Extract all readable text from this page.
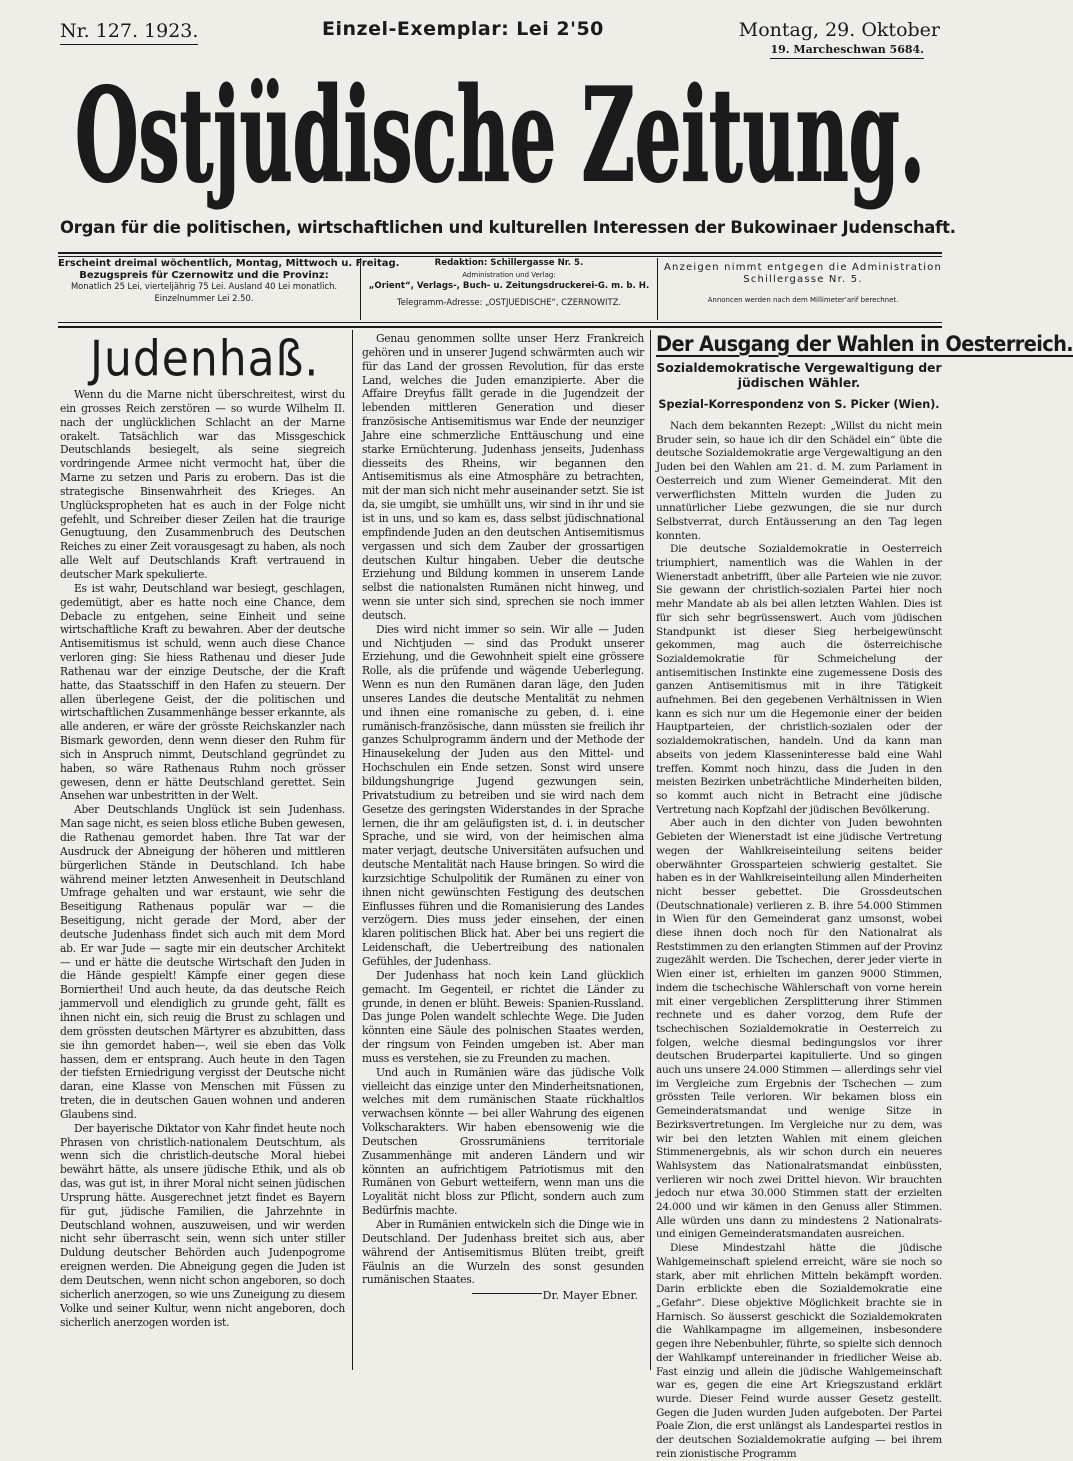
Nr. 127. 1923.	Einzel-Exemplar: Lei 2'50	Montag, 29. Oktober
19. Marcheschwan 5684.
Ostjüdische Zeitung.
Organ für die politischen, wirtschaftlichen und kulturellen Interessen der Bukowinaer Judenschaft.
Erscheint dreimal wöchentlich, Montag, Mittwoch u. Freitag.
Bezugspreis für Czernowitz und die Provinz:
Monatlich 25 Lei, vierteljährig 75 Lei. Ausland 40 Lei monatlich.
Einzelnummer Lei 2.50.
Redaktion: Schillergasse Nr. 5.
Administration und Verlag:
„Orient“, Verlags-, Buch- u. Zeitungsdruckerei-G. m. b. H.
Telegramm-Adresse: „OSTJUEDISCHE“, CZERNOWITZ.
Anzeigen nimmt entgegen die Administration
Schillergasse Nr. 5.
Annoncen werden nach dem Millimeter'arif berechnet.
Judenhaß.

Wenn du die Marne nicht überschreitest, wirst du ein grosses Reich zerstören — so wurde Wilhelm II. nach der unglücklichen Schlacht an der Marne orakelt. Tatsächlich war das Missgeschick Deutschlands besiegelt, als seine siegreich vordringende Armee nicht vermocht hat, über die Marne zu setzen und Paris zu erobern. Das ist die strategische Binsenwahrheit des Krieges. An Unglückspropheten hat es auch in der Folge nicht gefehlt, und Schreiber dieser Zeilen hat die traurige Genugtuung, den Zusammenbruch des Deutschen Reiches zu einer Zeit vorausgesagt zu haben, als noch alle Welt auf Deutschlands Kraft vertrauend in deutscher Mark spekulierte.

Es ist wahr, Deutschland war besiegt, geschlagen, gedemütigt, aber es hatte noch eine Chance, dem Debacle zu entgehen, seine Einheit und seine wirtschaftliche Kraft zu bewahren. Aber der deutsche Antisemitismus ist schuld, wenn auch diese Chance verloren ging: Sie hiess Rathenau und dieser Jude Rathenau war der einzige Deutsche, der die Kraft hatte, das Staatsschiff in den Hafen zu steuern. Der allen überlegene Geist, der die politischen und wirtschaftlichen Zusammenhänge besser erkannte, als alle anderen, er wäre der grösste Reichskanzler nach Bismark geworden, denn wenn dieser den Ruhm für sich in Anspruch nimmt, Deutschland gegründet zu haben, so wäre Rathenaus Ruhm noch grösser gewesen, denn er hätte Deutschland gerettet. Sein Ansehen war unbestritten in der Welt.

Aber Deutschlands Unglück ist sein Judenhass. Man sage nicht, es seien bloss etliche Buben gewesen, die Rathenau gemordet haben. Ihre Tat war der Ausdruck der Abneigung der höheren und mittleren bürgerlichen Stände in Deutschland. Ich habe während meiner letzten Anwesenheit in Deutschland Umfrage gehalten und war erstaunt, wie sehr die Beseitigung Rathenaus populär war — die Beseitigung, nicht gerade der Mord, aber der deutsche Judenhass findet sich auch mit dem Mord ab. Er war Jude — sagte mir ein deutscher Architekt — und er hätte die deutsche Wirtschaft den Juden in die Hände gespielt! Kämpfe einer gegen diese Bornierthei! Und auch heute, da das deutsche Reich jammervoll und elendiglich zu grunde geht, fällt es ihnen nicht ein, sich reuig die Brust zu schlagen und dem grössten deutschen Märtyrer es abzubitten, dass sie ihn gemordet haben—, weil sie eben das Volk hassen, dem er entsprang. Auch heute in den Tagen der tiefsten Erniedrigung vergisst der Deutsche nicht daran, eine Klasse von Menschen mit Füssen zu treten, die in deutschen Gauen wohnen und anderen Glaubens sind.

Der bayerische Diktator von Kahr findet heute noch Phrasen von christlich-nationalem Deutschtum, als wenn sich die christlich-deutsche Moral hiebei bewährt hätte, als unsere jüdische Ethik, und als ob das, was gut ist, in ihrer Moral nicht seinen jüdischen Ursprung hätte. Ausgerechnet jetzt findet es Bayern für gut, jüdische Familien, die Jahrzehnte in Deutschland wohnen, auszuweisen, und wir werden nicht sehr überrascht sein, wenn sich unter stiller Duldung deutscher Behörden auch Judenpogrome ereignen werden. Die Abneigung gegen die Juden ist dem Deutschen, wenn nicht schon angeboren, so doch sicherlich anerzogen, so wie uns Zuneigung zu diesem Volke und seiner Kultur, wenn nicht angeboren, doch sicherlich anerzogen worden ist.

Genau genommen sollte unser Herz Frankreich gehören und in unserer Jugend schwärmten auch wir für das Land der grossen Revolution, für das erste Land, welches die Juden emanzipierte. Aber die Affaire Dreyfus fällt gerade in die Jugendzeit der lebenden mittleren Generation und dieser französische Antisemitismus war Ende der neunziger Jahre eine schmerzliche Enttäuschung und eine starke Ernüchterung. Judenhass jenseits, Judenhass diesseits des Rheins, wir begannen den Antisemitismus als eine Atmosphäre zu betrachten, mit der man sich nicht mehr auseinander setzt. Sie ist da, sie umgibt, sie umhüllt uns, wir sind in ihr und sie ist in uns, und so kam es, dass selbst jüdischnational empfindende Juden an den deutschen Antisemitismus vergassen und sich dem Zauber der grossartigen deutschen Kultur hingaben. Ueber die deutsche Erziehung und Bildung kommen in unserem Lande selbst die nationalsten Rumänen nicht hinweg, und wenn sie unter sich sind, sprechen sie noch immer deutsch.

Dies wird nicht immer so sein. Wir alle — Juden und Nichtjuden — sind das Produkt unserer Erziehung, und die Gewohnheit spielt eine grössere Rolle, als die prüfende und wägende Ueberlegung. Wenn es nun den Rumänen daran läge, den Juden unseres Landes die deutsche Mentalität zu nehmen und ihnen eine romanische zu geben, d. i. eine rumänisch-französische, dann müssten sie freilich ihr ganzes Schulprogramm ändern und der Methode der Hinausekelung der Juden aus den Mittel- und Hochschulen ein Ende setzen. Sonst wird unsere bildungshungrige Jugend gezwungen sein, Privatstudium zu betreiben und sie wird nach dem Gesetze des geringsten Widerstandes in der Sprache lernen, die ihr am geläufigsten ist, d. i. in deutscher Sprache, und sie wird, von der heimischen alma mater verjagt, deutsche Universitäten aufsuchen und deutsche Mentalität nach Hause bringen. So wird die kurzsichtige Schulpolitik der Rumänen zu einer von ihnen nicht gewünschten Festigung des deutschen Einflusses führen und die Romanisierung des Landes verzögern. Dies muss jeder einsehen, der einen klaren politischen Blick hat. Aber bei uns regiert die Leidenschaft, die Uebertreibung des nationalen Gefühles, der Judenhass.

Der Judenhass hat noch kein Land glücklich gemacht. Im Gegenteil, er richtet die Länder zu grunde, in denen er blüht. Beweis: Spanien-Russland. Das junge Polen wandelt schlechte Wege. Die Juden könnten eine Säule des polnischen Staates werden, der ringsum von Feinden umgeben ist. Aber man muss es verstehen, sie zu Freunden zu machen.

Und auch in Rumänien wäre das jüdische Volk vielleicht das einzige unter den Minderheitsnationen, welches mit dem rumänischen Staate rückhaltlos verwachsen könnte — bei aller Wahrung des eigenen Volkscharakters. Wir haben ebensowenig wie die Deutschen Grossrumäniens territoriale Zusammenhänge mit anderen Ländern und wir könnten an aufrichtigem Patriotismus mit den Rumänen von Geburt wetteifern, wenn man uns die Loyalität nicht bloss zur Pflicht, sondern auch zum Bedürfnis machte.

Aber in Rumänien entwickeln sich die Dinge wie in Deutschland. Der Judenhass breitet sich aus, aber während der Antisemitismus Blüten treibt, greift Fäulnis an die Wurzeln des sonst gesunden rumänischen Staates.

Dr. Mayer Ebner.
Der Ausgang der Wahlen in Oesterreich.
Sozialdemokratische Vergewaltigung der jüdischen Wähler.
Spezial-Korrespondenz von S. Picker (Wien).

Nach dem bekannten Rezept: „Willst du nicht mein Bruder sein, so haue ich dir den Schädel ein“ übte die deutsche Sozialdemokratie arge Vergewaltigung an den Juden bei den Wahlen am 21. d. M. zum Parlament in Oesterreich und zum Wiener Gemeinderat. Mit den verwerflichsten Mitteln wurden die Juden zu unnatürlicher Liebe gezwungen, die sie nur durch Selbstverrat, durch Entäusserung an den Tag legen konnten.

Die deutsche Sozialdemokratie in Oesterreich triumphiert, namentlich was die Wahlen in der Wienerstadt anbetrifft, über alle Parteien wie nie zuvor. Sie gewann der christlich-sozialen Partei hier noch mehr Mandate ab als bei allen letzten Wahlen. Dies ist für sich sehr begrüssenswert. Auch vom jüdischen Standpunkt ist dieser Sieg herbeigewünscht gekommen, mag auch die österreichische Sozialdemokratie für Schmeichelung der antisemitischen Instinkte eine zugemessene Dosis des ganzen Antisemitismus mit in ihre Tätigkeit aufnehmen. Bei den gegebenen Verhältnissen in Wien kann es sich nur um die Hegemonie einer der beiden Hauptparteien, der christlich-sozialen oder der sozialdemokratischen, handeln. Und da kann man abseits von jedem Klasseninteresse bald eine Wahl treffen. Kommt noch hinzu, dass die Juden in den meisten Bezirken unbeträchtliche Minderheiten bilden, so kommt auch nicht in Betracht eine jüdische Vertretung nach Kopfzahl der jüdischen Bevölkerung.

Aber auch in den dichter von Juden bewohnten Gebieten der Wienerstadt ist eine jüdische Vertretung wegen der Wahlkreiseinteilung seitens beider oberwähnter Grossparteien schwierig gestaltet. Sie haben es in der Wahlkreiseinteilung allen Minderheiten nicht besser gebettet. Die Grossdeutschen (Deutschnationale) verlieren z. B. ihre 54.000 Stimmen in Wien für den Gemeinderat ganz umsonst, wobei diese ihnen doch noch für den Nationalrat als Reststimmen zu den erlangten Stimmen auf der Provinz zugezählt werden. Die Tschechen, derer jeder vierte in Wien einer ist, erhielten im ganzen 9000 Stimmen, indem die tschechische Wählerschaft von vorne herein mit einer vergeblichen Zersplitterung ihrer Stimmen rechnete und es daher vorzog, dem Rufe der tschechischen Sozialdemokratie in Oesterreich zu folgen, welche diesmal bedingungslos vor ihrer deutschen Bruderpartei kapitulierte. Und so gingen auch uns unsere 24.000 Stimmen — allerdings sehr viel im Vergleiche zum Ergebnis der Tschechen — zum grössten Teile verloren. Wir bekamen bloss ein Gemeinderatsmandat und wenige Sitze in Bezirksvertretungen. Im Vergleiche nur zu dem, was wir bei den letzten Wahlen mit einem gleichen Stimmenergebnis, als wir schon durch ein neueres Wahlsystem das Nationalratsmandat einbüssten, verlieren wir noch zwei Drittel hievon. Wir brauchten jedoch nur etwa 30.000 Stimmen statt der erzielten 24.000 und wir kämen in den Genuss aller Stimmen. Alle würden uns dann zu mindestens 2 Nationalrats- und einigen Gemeinderatsmandaten ausreichen.

Diese Mindestzahl hätte die jüdische Wahlgemeinschaft spielend erreicht, wäre sie noch so stark, aber mit ehrlichen Mitteln bekämpft worden. Darin erblickte eben die Sozialdemokratie eine „Gefahr“. Diese objektive Möglichkeit brachte sie in Harnisch. So äusserst geschickt die Sozialdemokraten die Wahlkampagne im allgemeinen, insbesondere gegen ihre Nebenbuhler, führte, so spielte sich dennoch der Wahlkampf untereinander in friedlicher Weise ab. Fast einzig und allein die jüdische Wahlgemeinschaft war es, gegen die eine Art Kriegszustand erklärt wurde. Dieser Feind wurde ausser Gesetz gestellt. Gegen die Juden wurden Juden aufgeboten. Der Partei Poale Zion, die erst unlängst als Landespartei restlos in der deutschen Sozialdemokratie aufging — bei ihrem rein zionistische Programm
